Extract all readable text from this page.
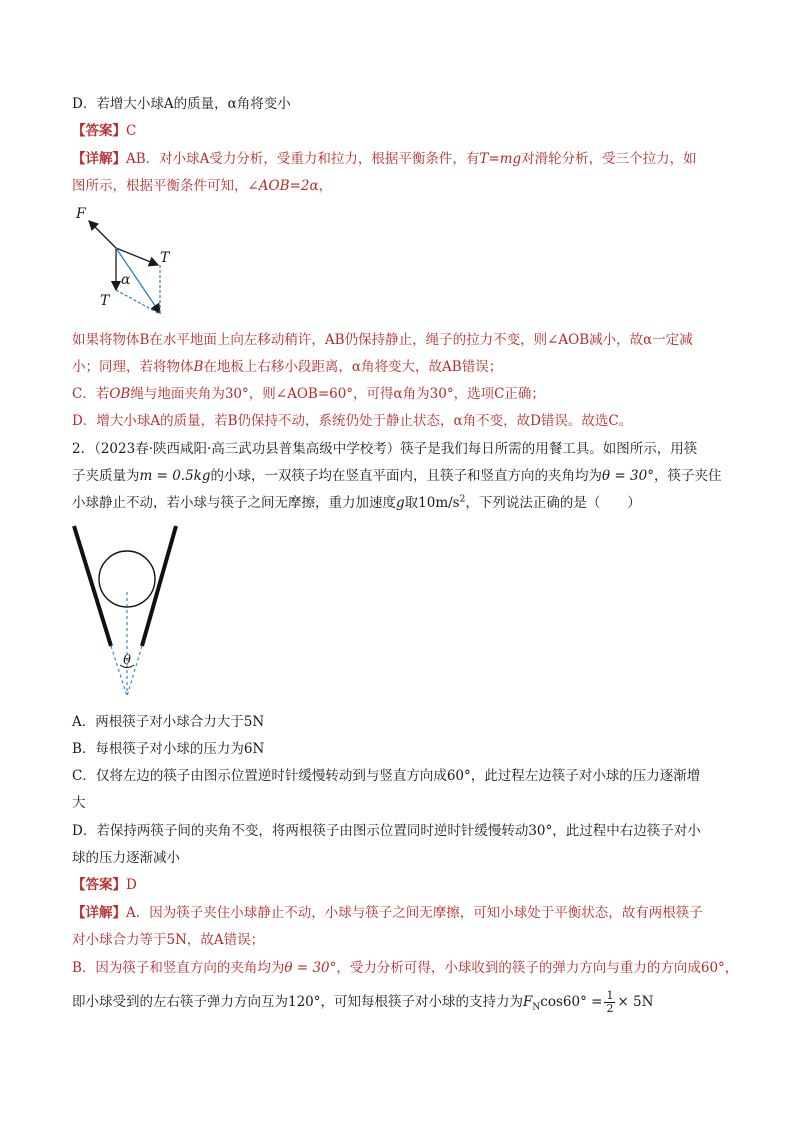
D．若增大小球A的质量，α角将变小
【答案】C
【详解】AB．对小球A受力分析，受重力和拉力，根据平衡条件，有T=mg对滑轮分析，受三个拉力，如
图所示，根据平衡条件可知，∠AOB=2α，
F
T
T
α
如果将物体B在水平地面上向左移动稍许，AB仍保持静止，绳子的拉力不变，则∠AOB减小，故α一定减
小；同理，若将物体B在地板上右移小段距离，α角将变大，故AB错误；
C．若OB绳与地面夹角为30°，则∠AOB=60°，可得α角为30°，选项C正确；
D．增大小球A的质量，若B仍保持不动，系统仍处于静止状态，α角不变，故D错误。故选C。
2．（2023春·陕西咸阳·高三武功县普集高级中学校考）筷子是我们每日所需的用餐工具。如图所示，用筷
子夹质量为m = 0.5kg的小球，一双筷子均在竖直平面内，且筷子和竖直方向的夹角均为θ = 30°，筷子夹住
小球静止不动，若小球与筷子之间无摩擦，重力加速度g取$10m/s^2$，下列说法正确的是（　　）
θ
A．两根筷子对小球合力大于5N
B．每根筷子对小球的压力为6N
C．仅将左边的筷子由图示位置逆时针缓慢转动到与竖直方向成60°，此过程左边筷子对小球的压力逐渐增
大
D．若保持两筷子间的夹角不变，将两根筷子由图示位置同时逆时针缓慢转动30°，此过程中右边筷子对小
球的压力逐渐减小
【答案】D
【详解】A．因为筷子夹住小球静止不动，小球与筷子之间无摩擦，可知小球处于平衡状态，故有两根筷子
对小球合力等于5N，故A错误；
B．因为筷子和竖直方向的夹角均为θ = 30°，受力分析可得，小球收到的筷子的弹力方向与重力的方向成60°，
即小球受到的左右筷子弹力方向互为120°，可知每根筷子对小球的支持力为$F_N\cos 60^\circ = \frac{1}{2} \times 5N$
